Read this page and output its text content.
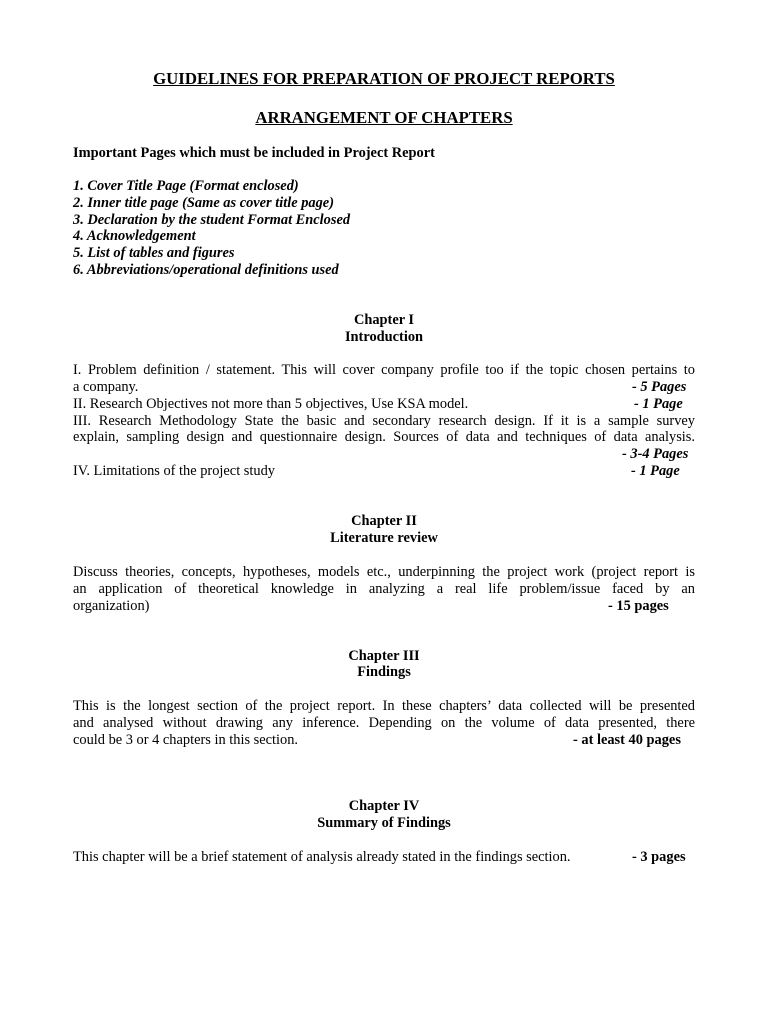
GUIDELINES FOR PREPARATION OF PROJECT REPORTS
ARRANGEMENT OF CHAPTERS
Important Pages which must be included in Project Report
1. Cover Title Page (Format enclosed)
2. Inner title page (Same as cover title page)
3. Declaration by the student Format Enclosed
4. Acknowledgement
5. List of tables and figures
6. Abbreviations/operational definitions used
Chapter I
Introduction
I. Problem definition / statement. This will cover company profile too if the topic chosen pertains to
a company.	- 5 Pages
II. Research Objectives not more than 5 objectives, Use KSA model.	- 1 Page
III. Research Methodology State the basic and secondary research design. If it is a sample survey
explain, sampling design and questionnaire design. Sources of data and techniques of data analysis.
- 3-4 Pages
IV. Limitations of the project study	- 1 Page
Chapter II
Literature review
Discuss theories, concepts, hypotheses, models etc., underpinning the project work (project report is
an application of theoretical knowledge in analyzing a real life problem/issue faced by an
organization)	- 15 pages
Chapter III
Findings
This is the longest section of the project report. In these chapters’ data collected will be presented
and analysed without drawing any inference. Depending on the volume of data presented, there
could be 3 or 4 chapters in this section.	- at least 40 pages
Chapter IV
Summary of Findings
This chapter will be a brief statement of analysis already stated in the findings section.	- 3 pages
